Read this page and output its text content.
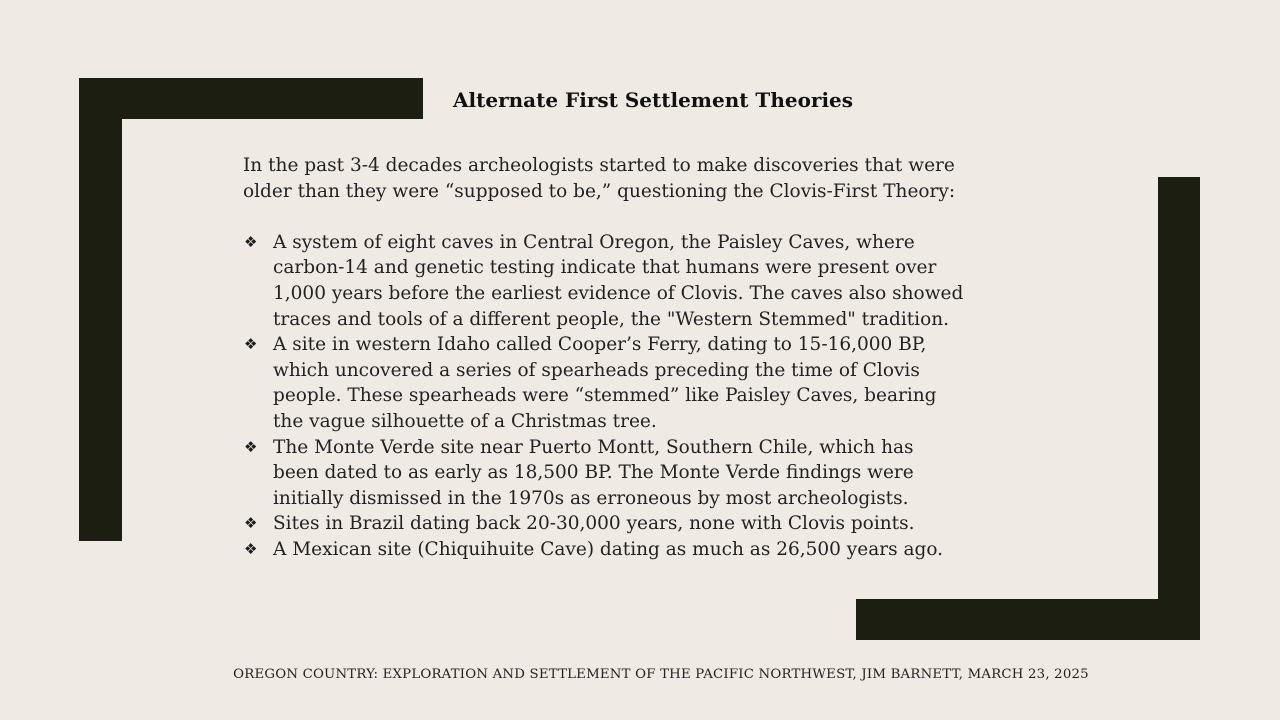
Alternate First Settlement Theories

In the past 3-4 decades archeologists started to make discoveries that were
older than they were “supposed to be,” questioning the Clovis-First Theory:

❖ A system of eight caves in Central Oregon, the Paisley Caves, where
carbon-14 and genetic testing indicate that humans were present over
1,000 years before the earliest evidence of Clovis. The caves also showed
traces and tools of a different people, the "Western Stemmed" tradition.
❖ A site in western Idaho called Cooper’s Ferry, dating to 15-16,000 BP,
which uncovered a series of spearheads preceding the time of Clovis
people. These spearheads were “stemmed” like Paisley Caves, bearing
the vague silhouette of a Christmas tree.
❖ The Monte Verde site near Puerto Montt, Southern Chile, which has
been dated to as early as 18,500 BP. The Monte Verde findings were
initially dismissed in the 1970s as erroneous by most archeologists.
❖ Sites in Brazil dating back 20-30,000 years, none with Clovis points.
❖ A Mexican site (Chiquihuite Cave) dating as much as 26,500 years ago.
OREGON COUNTRY: EXPLORATION AND SETTLEMENT OF THE PACIFIC NORTHWEST, JIM BARNETT, MARCH 23, 2025
